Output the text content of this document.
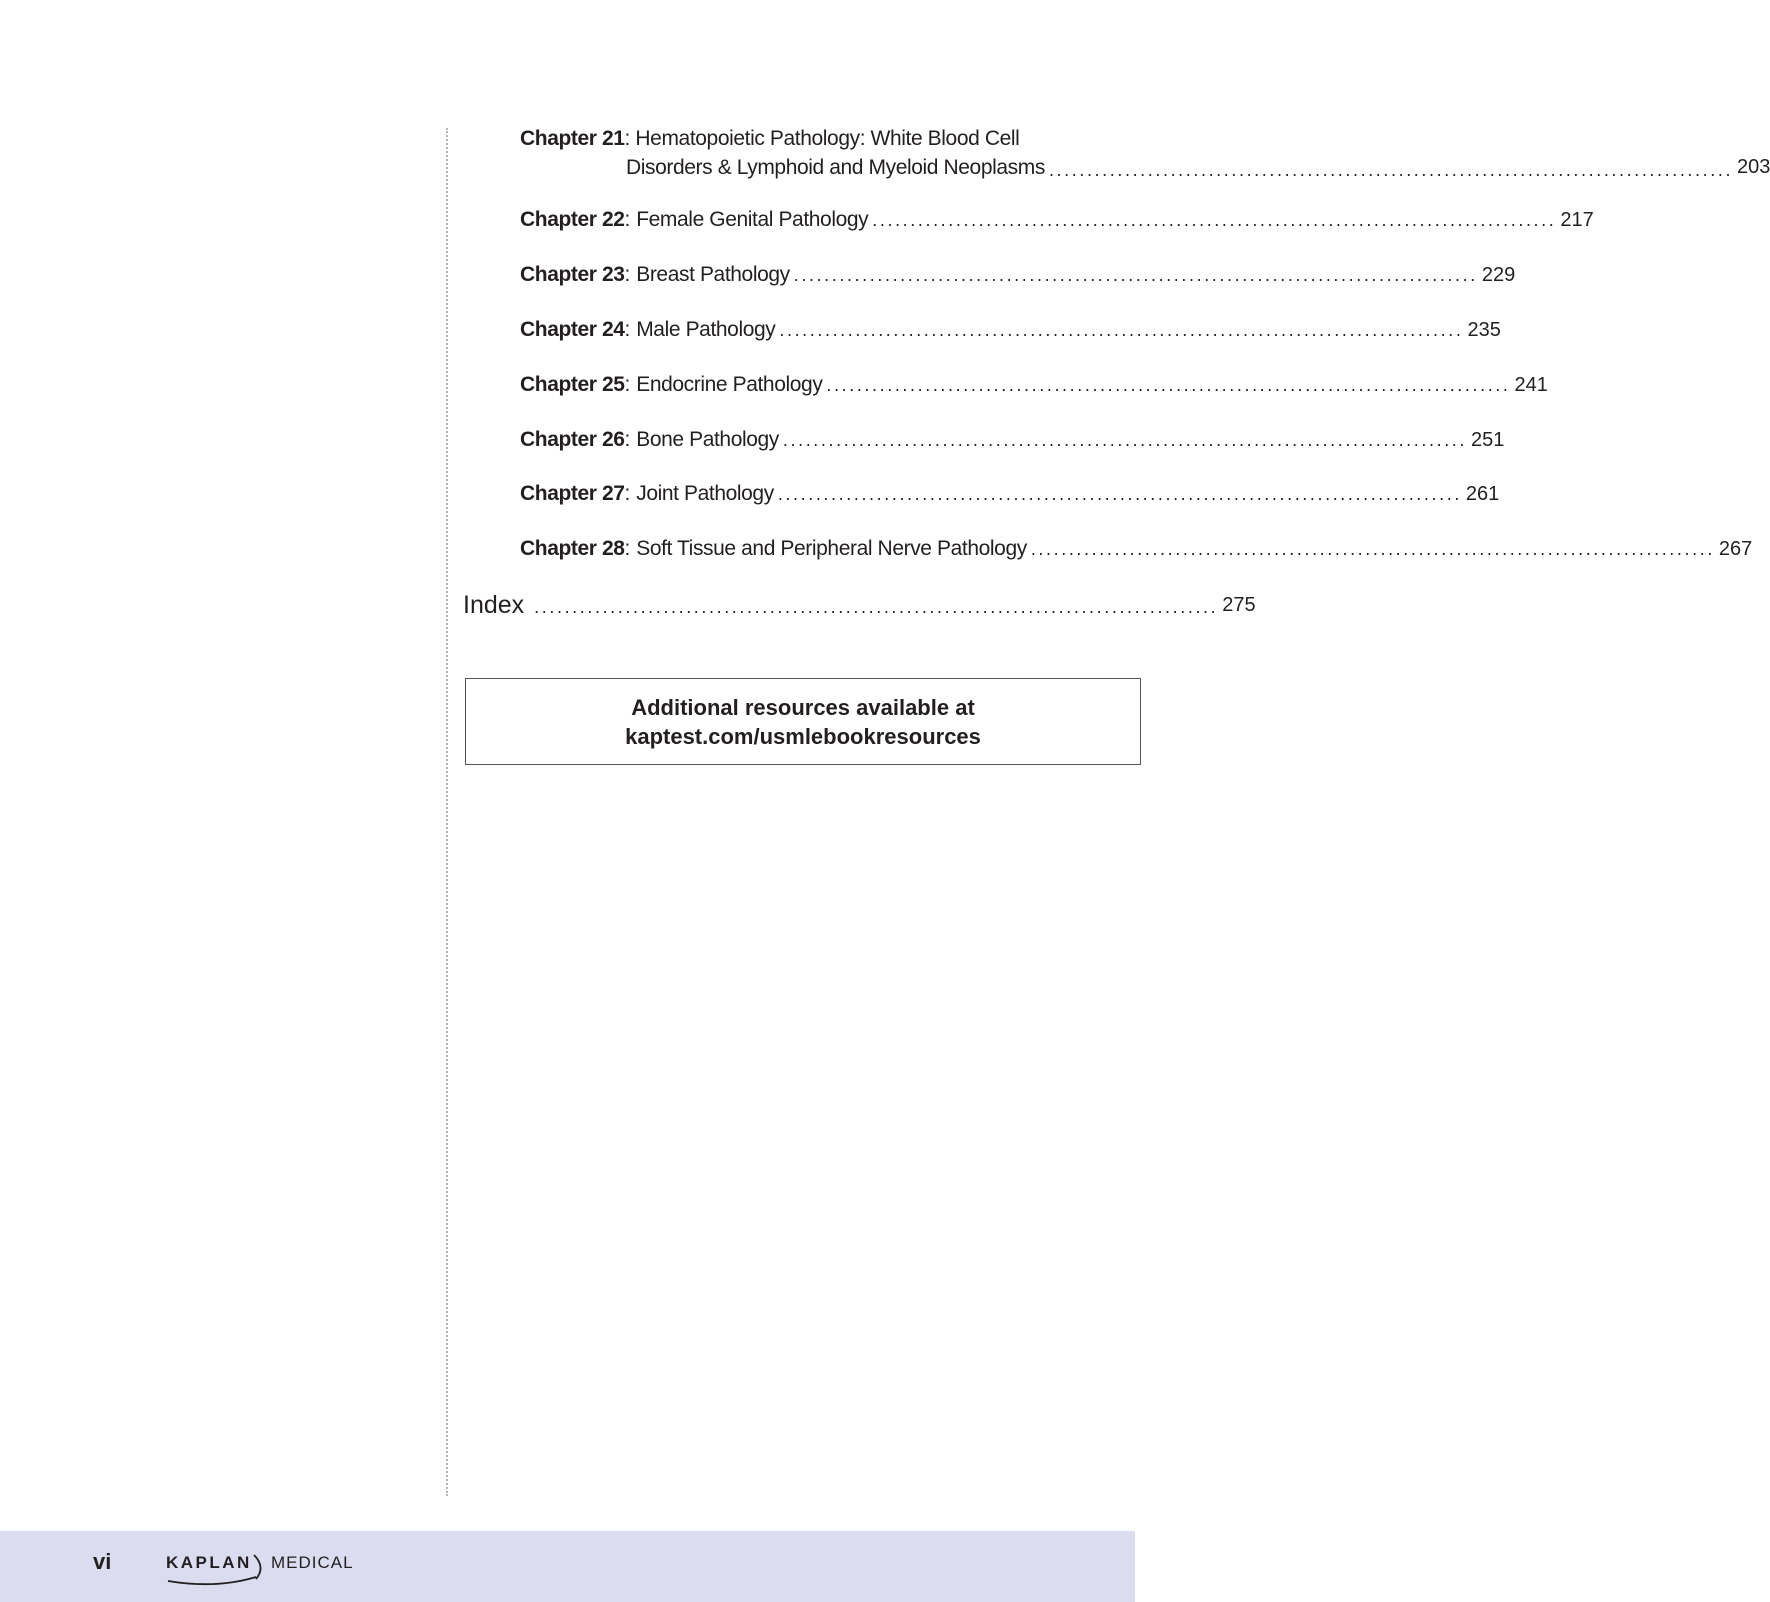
Chapter 21: Hematopoietic Pathology: White Blood Cell
Disorders & Lymphoid and Myeloid Neoplasms .......................................................................................... 203
Chapter 22 : Female Genital Pathology .......................................................................................... 217
Chapter 23 : Breast Pathology .......................................................................................... 229
Chapter 24 : Male Pathology .......................................................................................... 235
Chapter 25 : Endocrine Pathology .......................................................................................... 241
Chapter 26 : Bone Pathology .......................................................................................... 251
Chapter 27 : Joint Pathology .......................................................................................... 261
Chapter 28 : Soft Tissue and Peripheral Nerve Pathology .......................................................................................... 267
Index .......................................................................................... 275
Additional resources available at
kaptest.com/usmlebookresources
vi	KAPLAN MEDICAL
